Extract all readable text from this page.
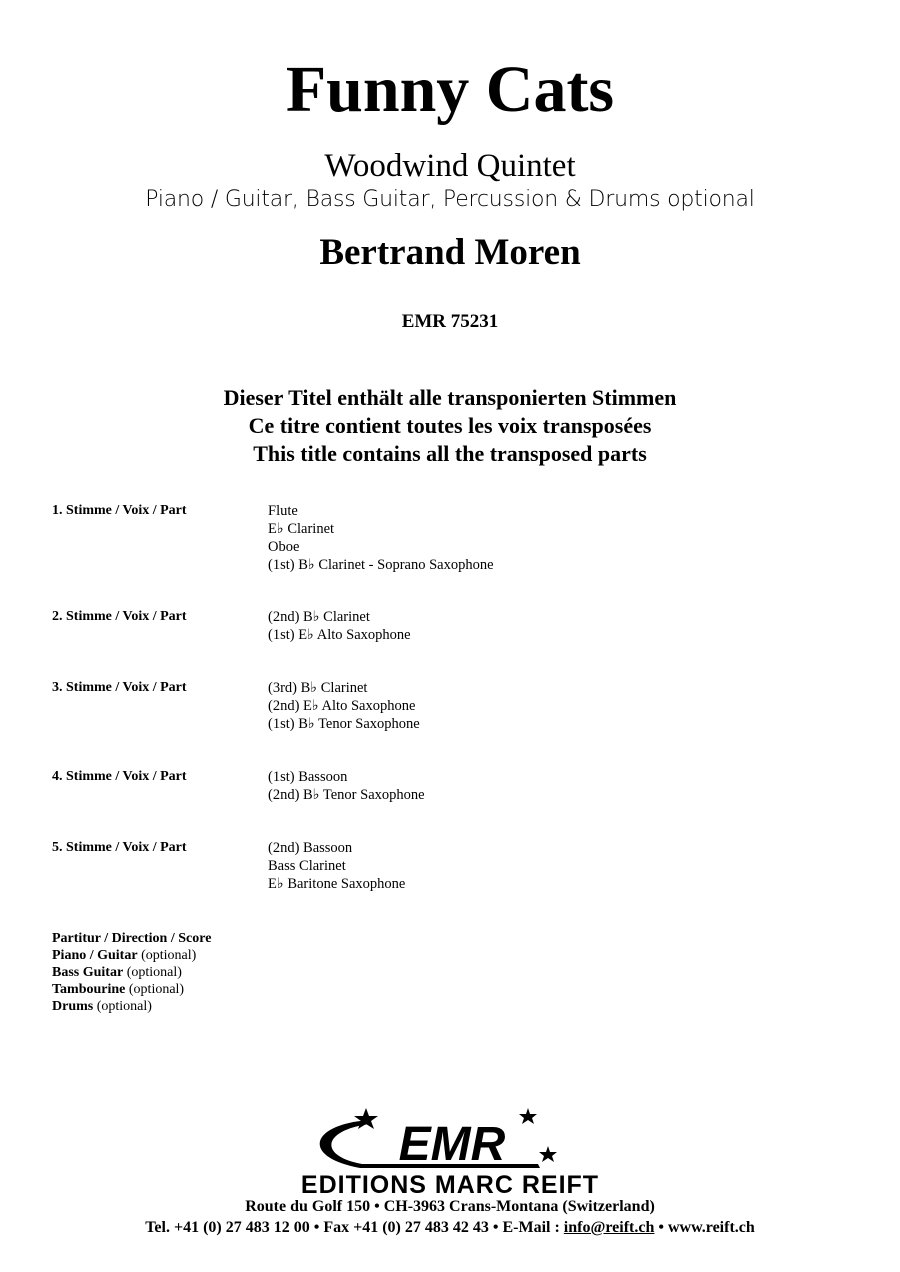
Funny Cats
Woodwind Quintet
Piano / Guitar, Bass Guitar, Percussion & Drums optional
Bertrand Moren
EMR 75231
Dieser Titel enthält alle transponierten Stimmen
Ce titre contient toutes les voix transposées
This title contains all the transposed parts
1. Stimme / Voix / Part	Flute
E♭ Clarinet
Oboe
(1st) B♭ Clarinet - Soprano Saxophone
2. Stimme / Voix / Part	(2nd) B♭ Clarinet
(1st) E♭ Alto Saxophone
3. Stimme / Voix / Part	(3rd) B♭ Clarinet
(2nd) E♭ Alto Saxophone
(1st) B♭ Tenor Saxophone
4. Stimme / Voix / Part	(1st) Bassoon
(2nd) B♭ Tenor Saxophone
5. Stimme / Voix / Part	(2nd) Bassoon
Bass Clarinet
E♭ Baritone Saxophone
Partitur / Direction / Score
Piano / Guitar (optional)
Bass Guitar (optional)
Tambourine (optional)
Drums (optional)
EMR
EDITIONS MARC REIFT
Route du Golf 150 • CH-3963 Crans-Montana (Switzerland)
Tel. +41 (0) 27 483 12 00 • Fax +41 (0) 27 483 42 43 • E-Mail : info@reift.ch • www.reift.ch
